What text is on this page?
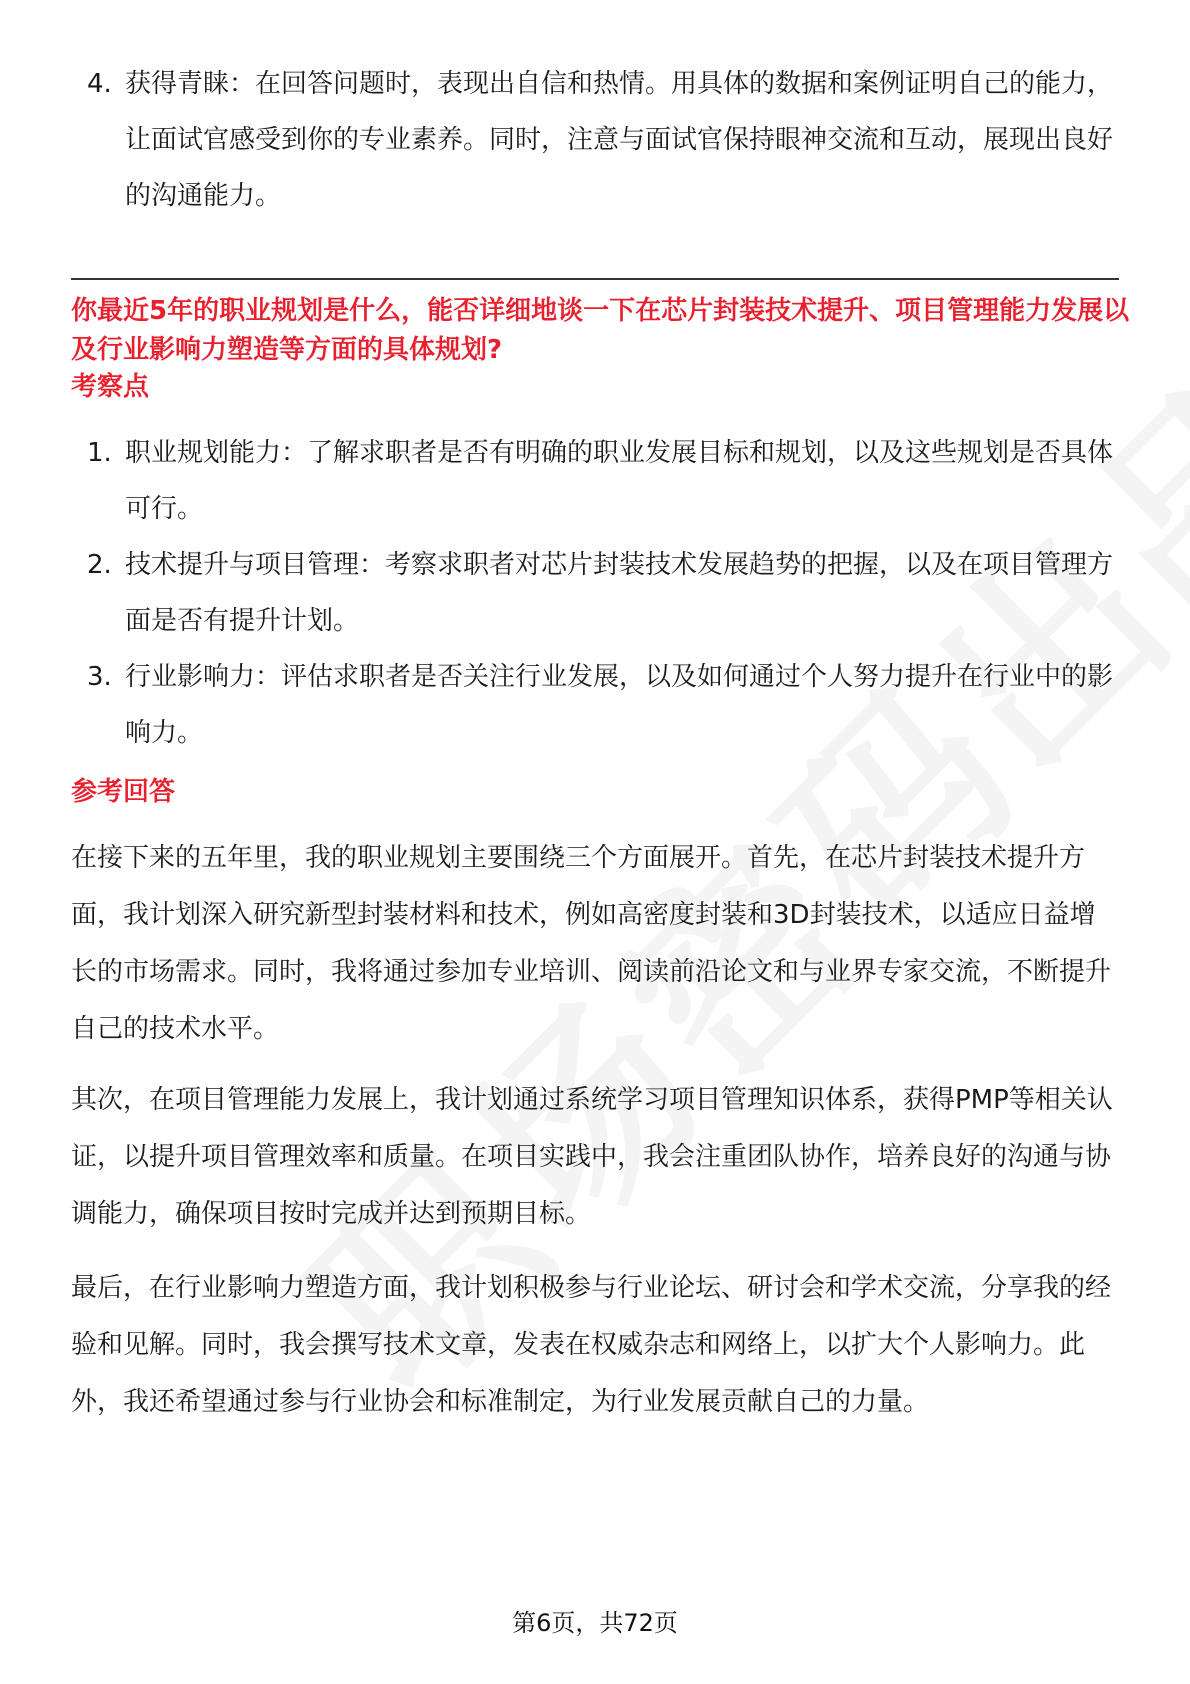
4. 获得青睐：在回答问题时，表现出自信和热情。用具体的数据和案例证明自己的能力，让面试官感受到你的专业素养。同时，注意与面试官保持眼神交流和互动，展现出良好的沟通能力。
你最近5年的职业规划是什么，能否详细地谈一下在芯片封装技术提升、项目管理能力发展以及行业影响力塑造等方面的具体规划?
考察点
1. 职业规划能力：了解求职者是否有明确的职业发展目标和规划，以及这些规划是否具体可行。
2. 技术提升与项目管理：考察求职者对芯片封装技术发展趋势的把握，以及在项目管理方面是否有提升计划。
3. 行业影响力：评估求职者是否关注行业发展，以及如何通过个人努力提升在行业中的影响力。
参考回答
在接下来的五年里，我的职业规划主要围绕三个方面展开。首先，在芯片封装技术提升方面，我计划深入研究新型封装材料和技术，例如高密度封装和3D封装技术，以适应日益增长的市场需求。同时，我将通过参加专业培训、阅读前沿论文和与业界专家交流，不断提升自己的技术水平。
其次，在项目管理能力发展上，我计划通过系统学习项目管理知识体系，获得PMP等相关认证，以提升项目管理效率和质量。在项目实践中，我会注重团队协作，培养良好的沟通与协调能力，确保项目按时完成并达到预期目标。
最后，在行业影响力塑造方面，我计划积极参与行业论坛、研讨会和学术交流，分享我的经验和见解。同时，我会撰写技术文章，发表在权威杂志和网络上，以扩大个人影响力。此外，我还希望通过参与行业协会和标准制定，为行业发展贡献自己的力量。
第6页，共72页
